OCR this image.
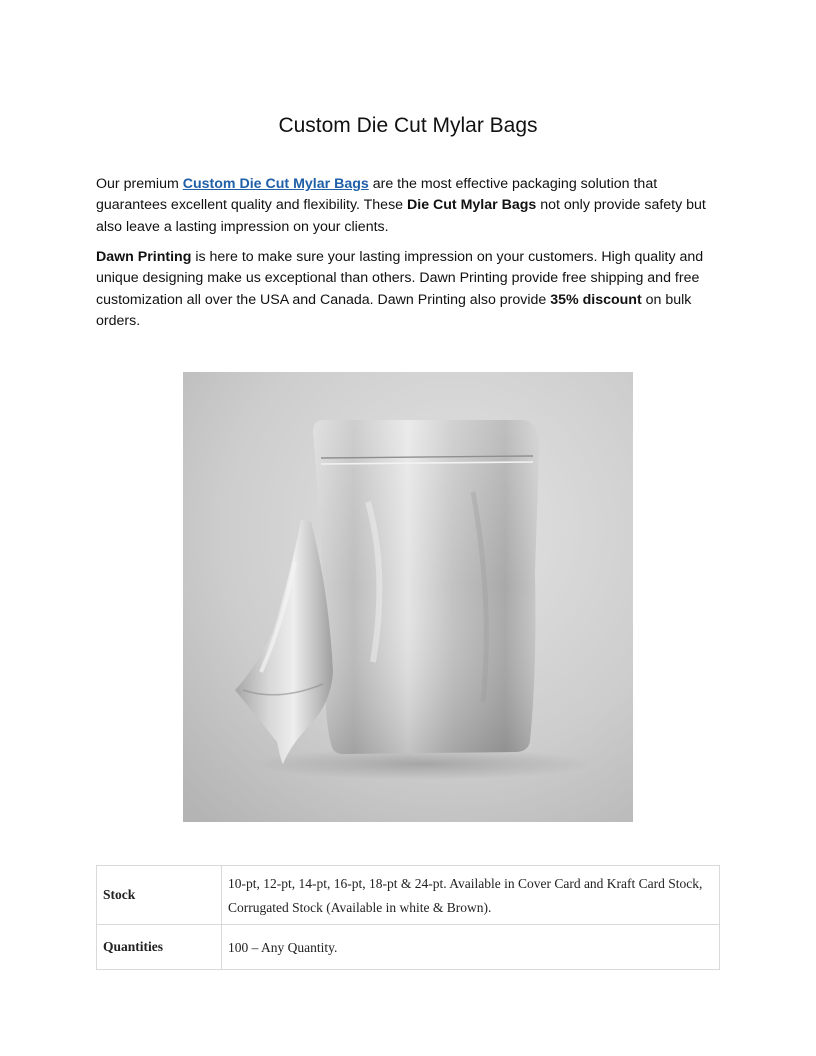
Custom Die Cut Mylar Bags

Our premium Custom Die Cut Mylar Bags are the most effective packaging solution that guarantees excellent quality and flexibility. These Die Cut Mylar Bags not only provide safety but also leave a lasting impression on your clients.

Dawn Printing is here to make sure your lasting impression on your customers. High quality and unique designing make us exceptional than others. Dawn Printing provide free shipping and free customization all over the USA and Canada. Dawn Printing also provide 35% discount on bulk orders.

Stock	10-pt, 12-pt, 14-pt, 16-pt, 18-pt & 24-pt. Available in Cover Card and Kraft Card Stock, Corrugated Stock (Available in white & Brown).
Quantities	100 – Any Quantity.
